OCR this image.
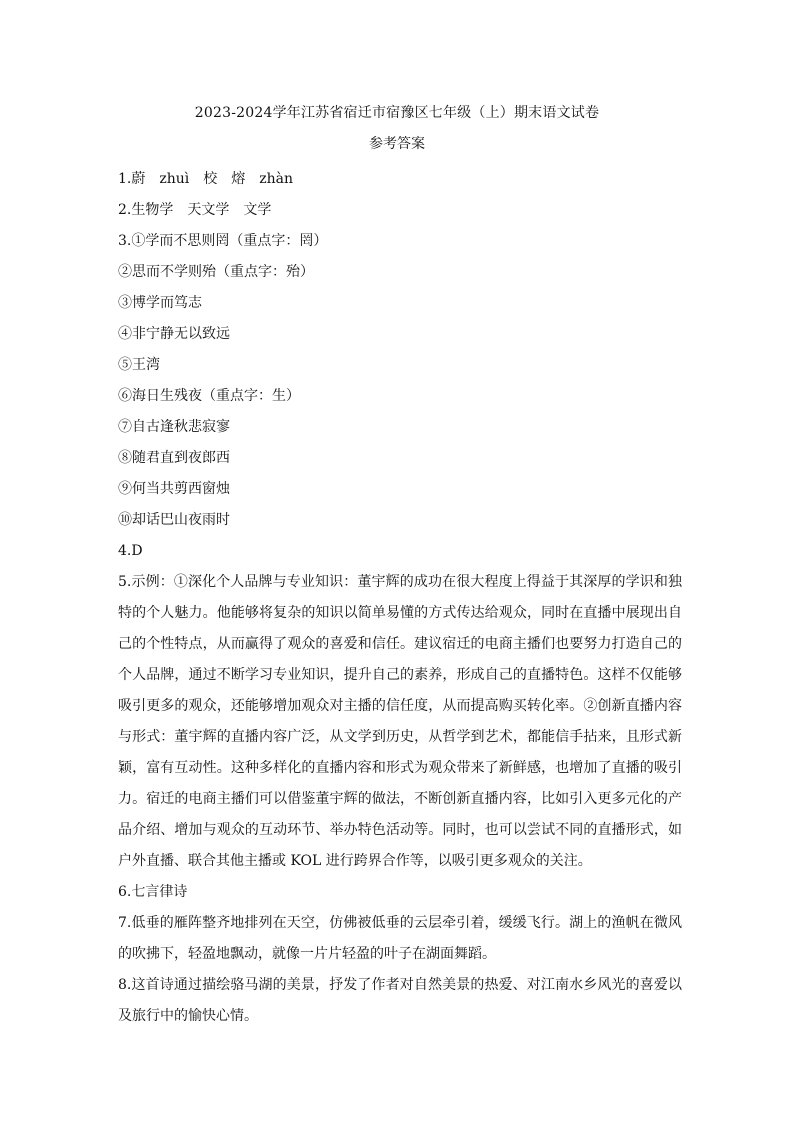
2023-2024学年江苏省宿迁市宿豫区七年级（上）期末语文试卷
参考答案
1.蔚　zhuì　校　熔　zhàn
2.生物学　天文学　文学
3.①学而不思则罔（重点字：罔）
②思而不学则殆（重点字：殆）
③博学而笃志
④非宁静无以致远
⑤王湾
⑥海日生残夜（重点字：生）
⑦自古逢秋悲寂寥
⑧随君直到夜郎西
⑨何当共剪西窗烛
⑩却话巴山夜雨时
4.D
5.示例：①深化个人品牌与专业知识：董宇辉的成功在很大程度上得益于其深厚的学识和独特的个人魅力。他能够将复杂的知识以简单易懂的方式传达给观众，同时在直播中展现出自己的个性特点，从而赢得了观众的喜爱和信任。建议宿迁的电商主播们也要努力打造自己的个人品牌，通过不断学习专业知识，提升自己的素养，形成自己的直播特色。这样不仅能够吸引更多的观众，还能够增加观众对主播的信任度，从而提高购买转化率。②创新直播内容与形式：董宇辉的直播内容广泛，从文学到历史，从哲学到艺术，都能信手拈来，且形式新颖，富有互动性。这种多样化的直播内容和形式为观众带来了新鲜感，也增加了直播的吸引力。宿迁的电商主播们可以借鉴董宇辉的做法，不断创新直播内容，比如引入更多元化的产品介绍、增加与观众的互动环节、举办特色活动等。同时，也可以尝试不同的直播形式，如户外直播、联合其他主播或 KOL 进行跨界合作等，以吸引更多观众的关注。
6.七言律诗
7.低垂的雁阵整齐地排列在天空，仿佛被低垂的云层牵引着，缓缓飞行。湖上的渔帆在微风的吹拂下，轻盈地飘动，就像一片片轻盈的叶子在湖面舞蹈。
8.这首诗通过描绘骆马湖的美景，抒发了作者对自然美景的热爱、对江南水乡风光的喜爱以及旅行中的愉快心情。
